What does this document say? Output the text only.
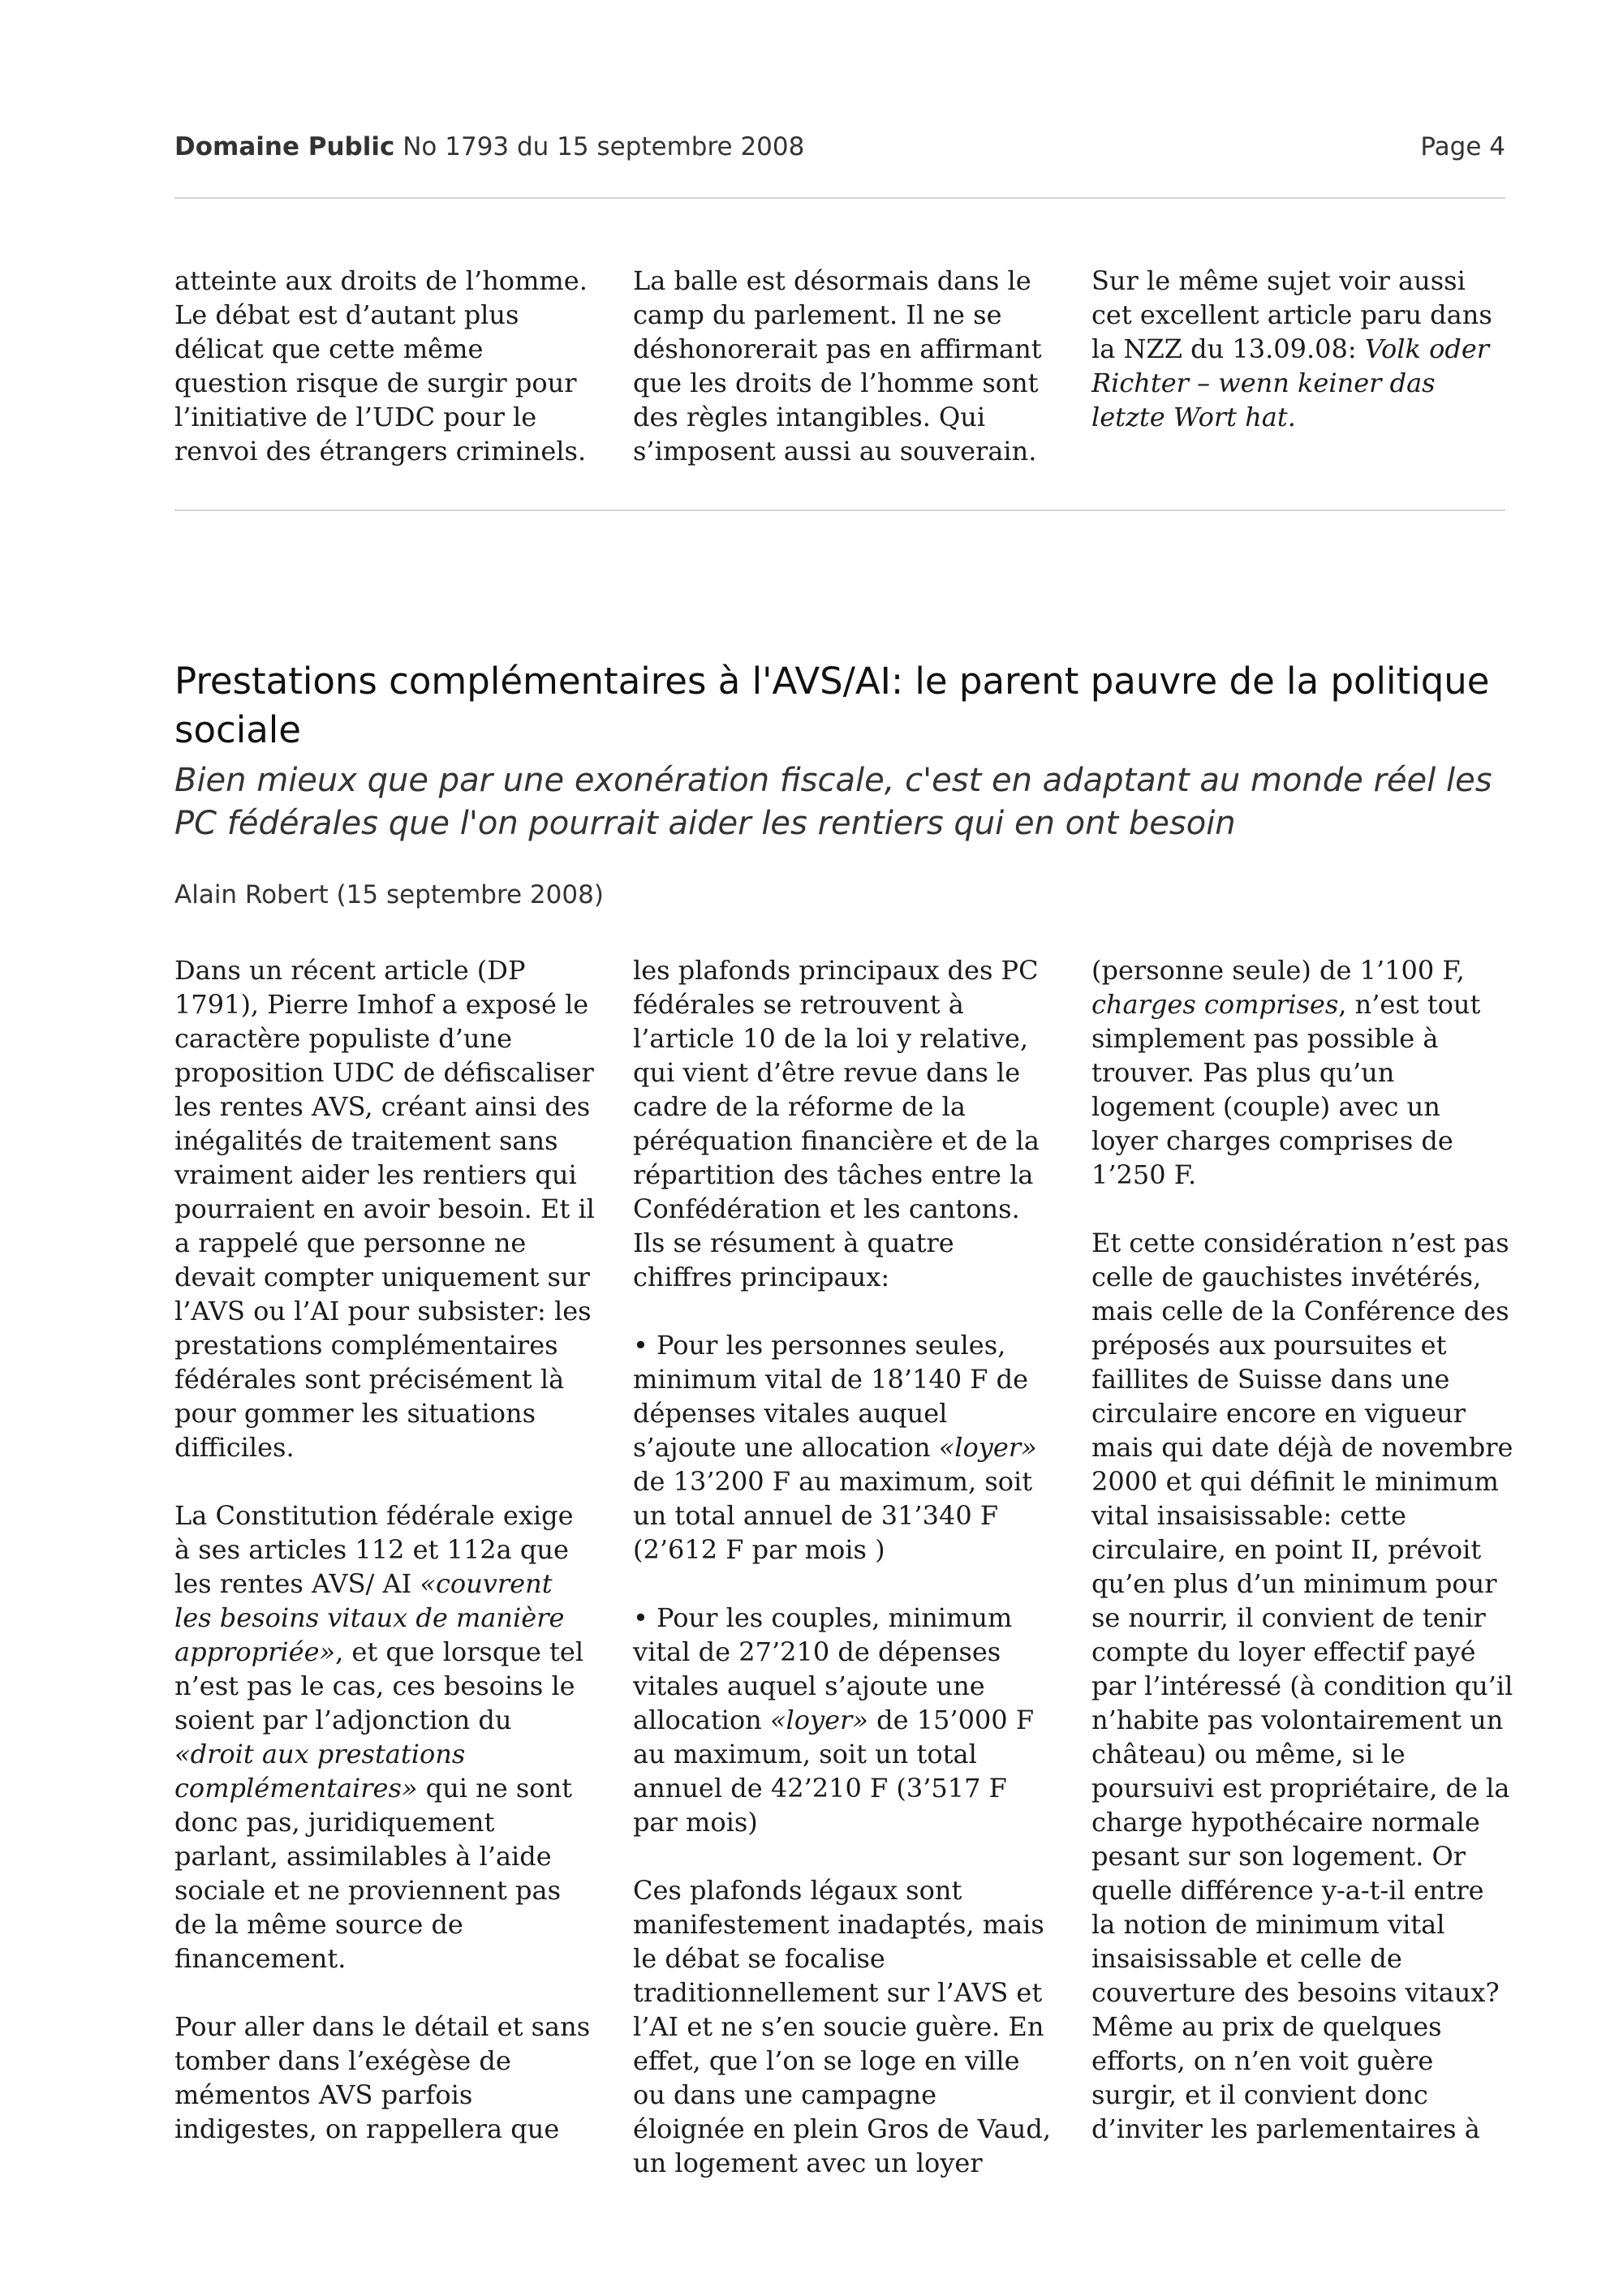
Domaine Public No 1793 du 15 septembre 2008	Page 4

atteinte aux droits de l’homme. Le débat est d’autant plus délicat que cette même question risque de surgir pour l’initiative de l’UDC pour le renvoi des étrangers criminels.

La balle est désormais dans le camp du parlement. Il ne se déshonorerait pas en affirmant que les droits de l’homme sont des règles intangibles. Qui s’imposent aussi au souverain.

Sur le même sujet voir aussi cet excellent article paru dans la NZZ du 13.09.08: Volk oder Richter – wenn keiner das letzte Wort hat.

Prestations complémentaires à l'AVS/AI: le parent pauvre de la politique sociale

Bien mieux que par une exonération fiscale, c'est en adaptant au monde réel les PC fédérales que l'on pourrait aider les rentiers qui en ont besoin

Alain Robert (15 septembre 2008)

Dans un récent article (DP 1791), Pierre Imhof a exposé le caractère populiste d’une proposition UDC de défiscaliser les rentes AVS, créant ainsi des inégalités de traitement sans vraiment aider les rentiers qui pourraient en avoir besoin. Et il a rappelé que personne ne devait compter uniquement sur l’AVS ou l’AI pour subsister: les prestations complémentaires fédérales sont précisément là pour gommer les situations difficiles.

La Constitution fédérale exige à ses articles 112 et 112a que les rentes AVS/ AI «couvrent les besoins vitaux de manière appropriée», et que lorsque tel n’est pas le cas, ces besoins le soient par l’adjonction du «droit aux prestations complémentaires» qui ne sont donc pas, juridiquement parlant, assimilables à l’aide sociale et ne proviennent pas de la même source de financement.

Pour aller dans le détail et sans tomber dans l’exégèse de mémentos AVS parfois indigestes, on rappellera que

les plafonds principaux des PC fédérales se retrouvent à l’article 10 de la loi y relative, qui vient d’être revue dans le cadre de la réforme de la péréquation financière et de la répartition des tâches entre la Confédération et les cantons. Ils se résument à quatre chiffres principaux:

• Pour les personnes seules, minimum vital de 18’140 F de dépenses vitales auquel s’ajoute une allocation «loyer» de 13’200 F au maximum, soit un total annuel de 31’340 F (2’612 F par mois )

• Pour les couples, minimum vital de 27’210 de dépenses vitales auquel s’ajoute une allocation «loyer» de 15’000 F au maximum, soit un total annuel de 42’210 F (3’517 F par mois)

Ces plafonds légaux sont manifestement inadaptés, mais le débat se focalise traditionnellement sur l’AVS et l’AI et ne s’en soucie guère. En effet, que l’on se loge en ville ou dans une campagne éloignée en plein Gros de Vaud, un logement avec un loyer

(personne seule) de 1’100 F, charges comprises, n’est tout simplement pas possible à trouver. Pas plus qu’un logement (couple) avec un loyer charges comprises de 1’250 F.

Et cette considération n’est pas celle de gauchistes invétérés, mais celle de la Conférence des préposés aux poursuites et faillites de Suisse dans une circulaire encore en vigueur mais qui date déjà de novembre 2000 et qui définit le minimum vital insaisissable: cette circulaire, en point II, prévoit qu’en plus d’un minimum pour se nourrir, il convient de tenir compte du loyer effectif payé par l’intéressé (à condition qu’il n’habite pas volontairement un château) ou même, si le poursuivi est propriétaire, de la charge hypothécaire normale pesant sur son logement. Or quelle différence y-a-t-il entre la notion de minimum vital insaisissable et celle de couverture des besoins vitaux? Même au prix de quelques efforts, on n’en voit guère surgir, et il convient donc d’inviter les parlementaires à
